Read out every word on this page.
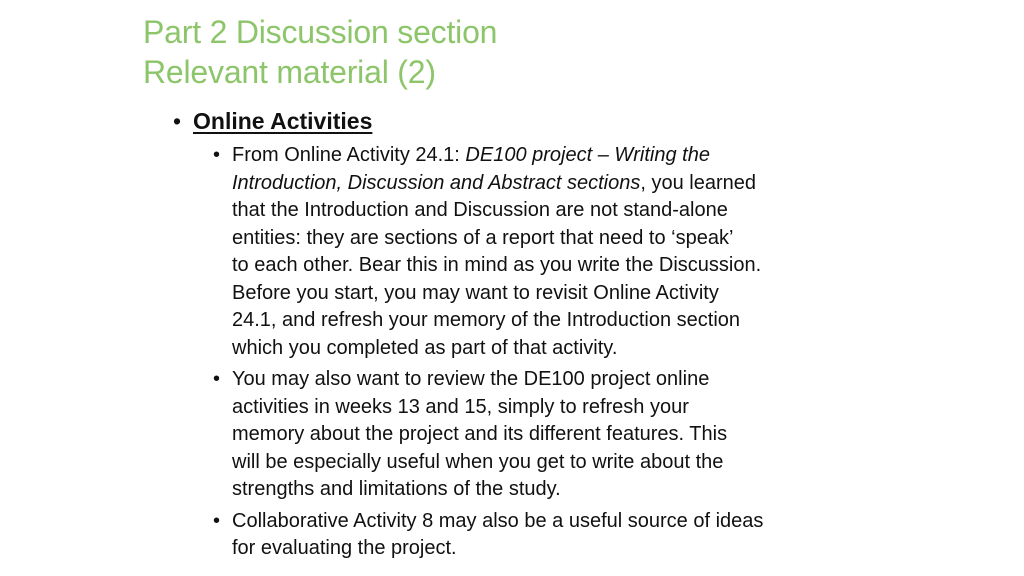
Part 2 Discussion section
Relevant material (2)
• Online Activities
• From Online Activity 24.1: DE100 project – Writing the
Introduction, Discussion and Abstract sections, you learned
that the Introduction and Discussion are not stand-alone
entities: they are sections of a report that need to ‘speak’
to each other. Bear this in mind as you write the Discussion.
Before you start, you may want to revisit Online Activity
24.1, and refresh your memory of the Introduction section
which you completed as part of that activity.
• You may also want to review the DE100 project online
activities in weeks 13 and 15, simply to refresh your
memory about the project and its different features. This
will be especially useful when you get to write about the
strengths and limitations of the study.
• Collaborative Activity 8 may also be a useful source of ideas
for evaluating the project.
